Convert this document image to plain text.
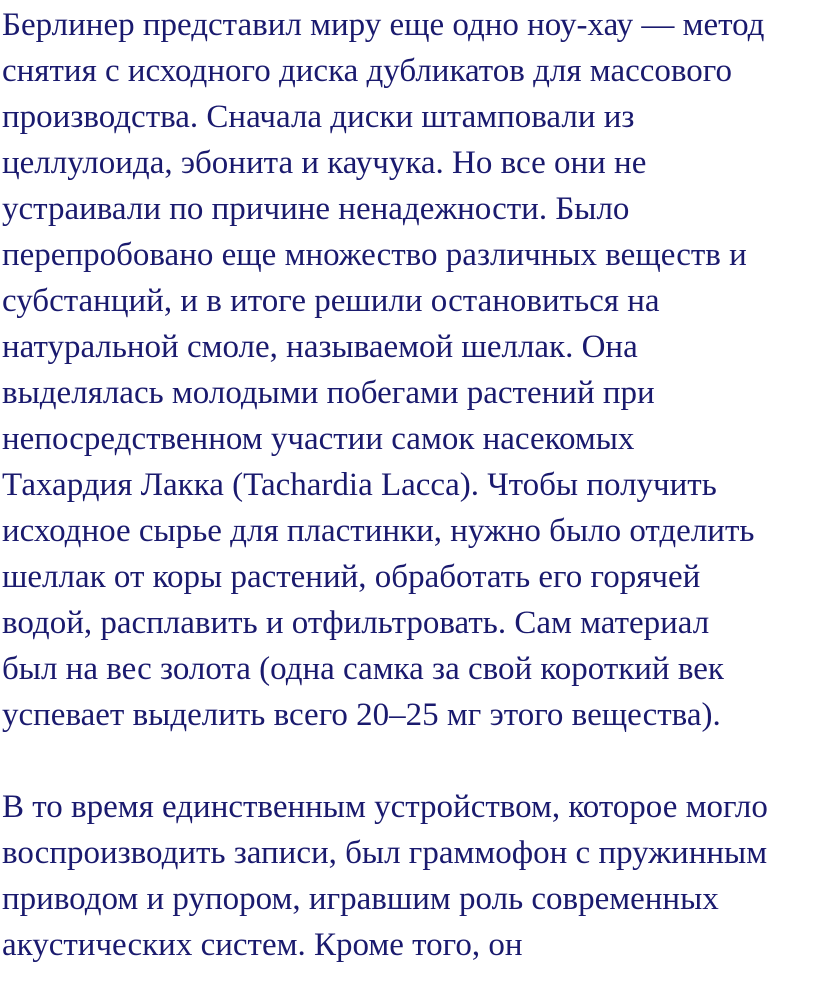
Берлинер представил миру еще одно ноу-хау — метод
снятия с исходного диска дубликатов для массового
производства. Сначала диски штамповали из
целлулоида, эбонита и каучука. Но все они не
устраивали по причине ненадежности. Было
перепробовано еще множество различных веществ и
субстанций, и в итоге решили остановиться на
натуральной смоле, называемой шеллак. Она
выделялась молодыми побегами растений при
непосредственном участии самок насекомых
Тахардия Лакка (Tachardia Lacca). Чтобы получить
исходное сырье для пластинки, нужно было отделить
шеллак от коры растений, обработать его горячей
водой, расплавить и отфильтровать. Сам материал
был на вес золота (одна самка за свой короткий век
успевает выделить всего 20–25 мг этого вещества).

В то время единственным устройством, которое могло
воспроизводить записи, был граммофон с пружинным
приводом и рупором, игравшим роль современных
акустических систем. Кроме того, он
